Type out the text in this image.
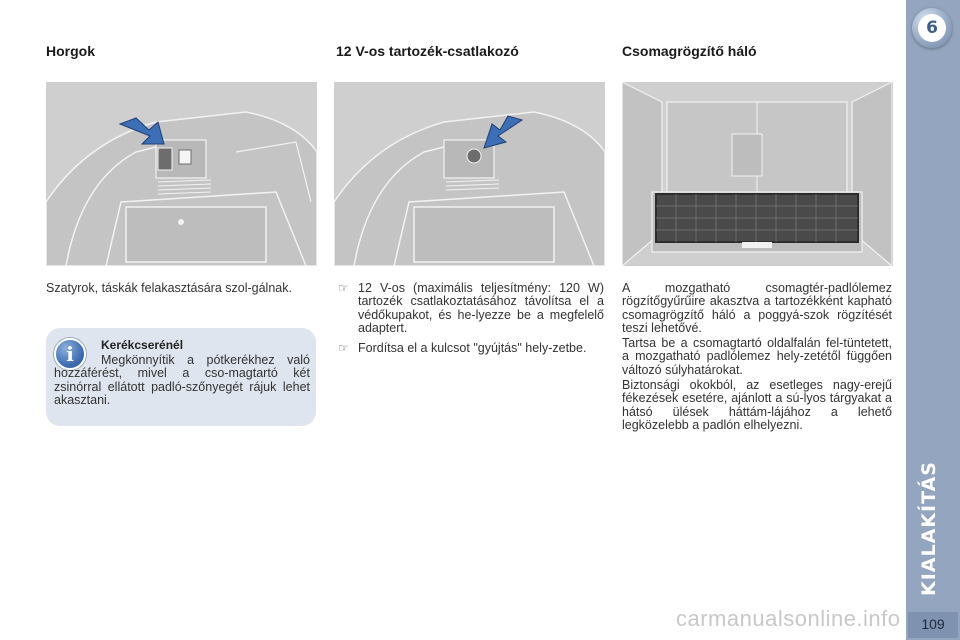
6
KIALAKÍTÁS
109
Horgok
Szatyrok, táskák felakasztására szol-gálnak.
i	Kerékcserénél
Megkönnyítik a pótkerékhez való hozzáférést, mivel a cso-magtartó két zsinórral ellátott padló-szőnyegét rájuk lehet akasztani.
12 V-os tartozék-csatlakozó
☞ 12 V-os (maximális teljesítmény: 120 W) tartozék csatlakoztatásához távolítsa el a védőkupakot, és he-lyezze be a megfelelő adaptert.
☞ Fordítsa el a kulcsot "gyújtás" hely-zetbe.
Csomagrögzítő háló
A mozgatható csomagtér-padlólemez rögzítőgyűrűire akasztva a tartozékként kapható csomagrögzítő háló a poggyá-szok rögzítését teszi lehetővé.
Tartsa be a csomagtartó oldalfalán fel-tüntetett, a mozgatható padlólemez hely-zetétől függően változó súlyhatárokat.
Biztonsági okokból, az esetleges nagy-erejű fékezések esetére, ajánlott a sú-lyos tárgyakat a hátsó ülések háttám-lájához a lehető legközelebb a padlón elhelyezni.
carmanualsonline.info
